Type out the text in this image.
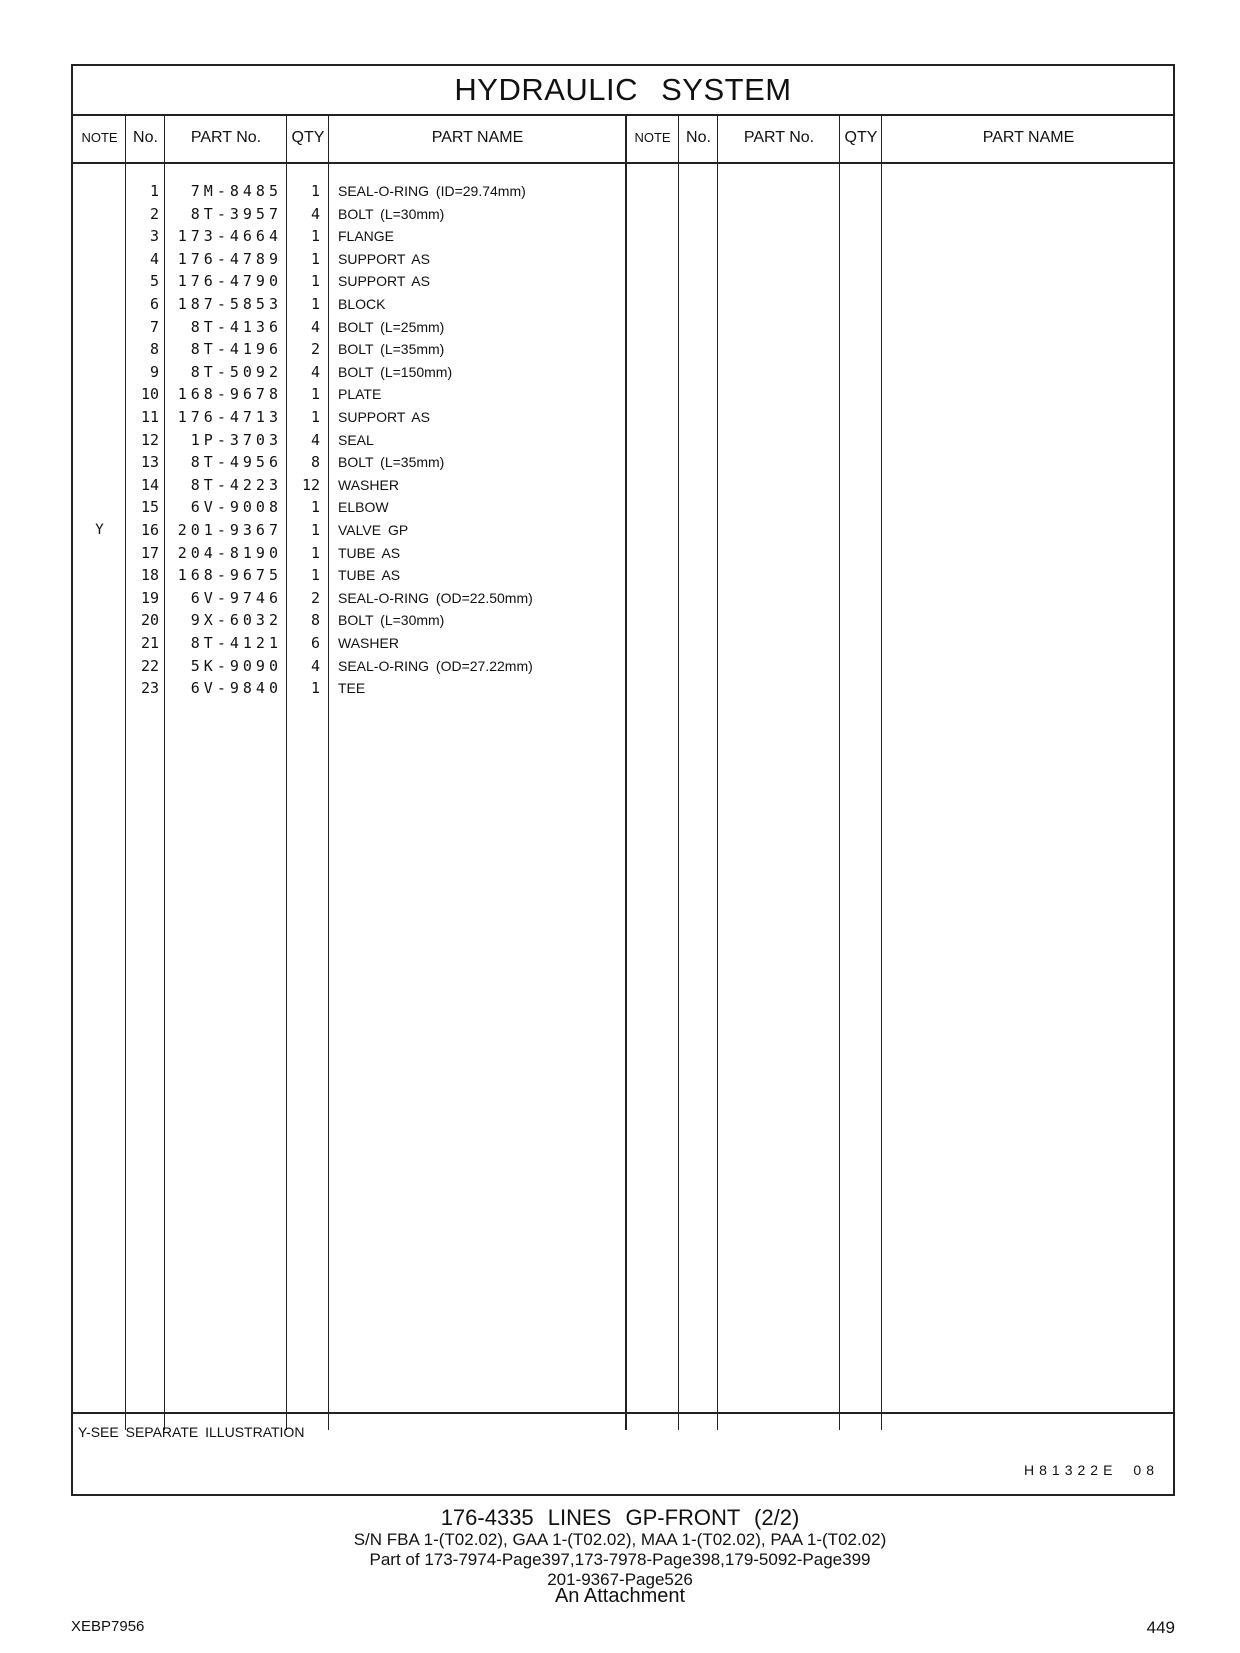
HYDRAULIC SYSTEM
NOTE No.	PART No.	QTY	PART NAME	NOTE No.	PART No.	QTY	PART NAME
1	7M-8485	1 SEAL-O-RING (ID=29.74mm)
2	8T-3957	4 BOLT (L=30mm)
3	173-4664	1 FLANGE
4	176-4789	1 SUPPORT AS
5	176-4790	1 SUPPORT AS
6	187-5853	1 BLOCK
7	8T-4136	4 BOLT (L=25mm)
8	8T-4196	2 BOLT (L=35mm)
9	8T-5092	4 BOLT (L=150mm)
10	168-9678	1 PLATE
11	176-4713	1 SUPPORT AS
12	1P-3703	4 SEAL
13	8T-4956	8 BOLT (L=35mm)
14	8T-4223	12 WASHER
15	6V-9008	1 ELBOW
Y	16	201-9367	1 VALVE GP
17	204-8190	1 TUBE AS
18	168-9675	1 TUBE AS
19	6V-9746	2 SEAL-O-RING (OD=22.50mm)
20	9X-6032	8 BOLT (L=30mm)
21	8T-4121	6 WASHER
22	5K-9090	4 SEAL-O-RING (OD=27.22mm)
23	6V-9840	1 TEE
Y-SEE SEPARATE ILLUSTRATION
H81322E 08
176-4335 LINES GP-FRONT (2/2)
S/N FBA 1-(T02.02), GAA 1-(T02.02), MAA 1-(T02.02), PAA 1-(T02.02)
Part of 173-7974-Page397,173-7978-Page398,179-5092-Page399
201-9367-Page526
An Attachment
XEBP7956	449
